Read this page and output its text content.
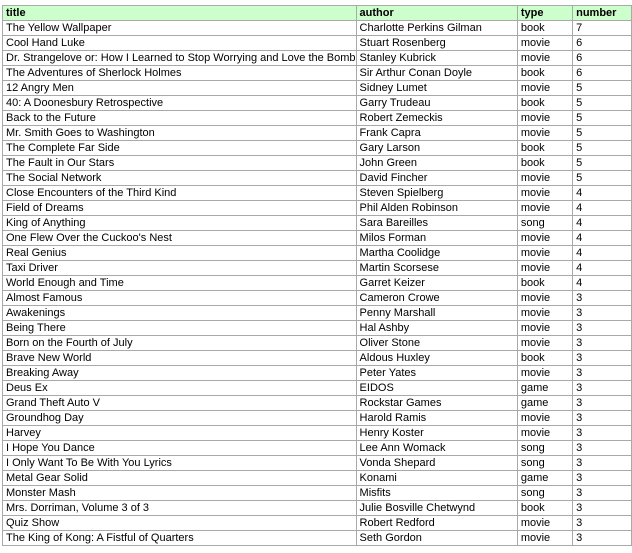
title	author	type	number
The Yellow Wallpaper	Charlotte Perkins Gilman	book	7
Cool Hand Luke	Stuart Rosenberg	movie	6
Dr. Strangelove or: How I Learned to Stop Worrying and Love the Bomb	Stanley Kubrick	movie	6
The Adventures of Sherlock Holmes	Sir Arthur Conan Doyle	book	6
12 Angry Men	Sidney Lumet	movie	5
40: A Doonesbury Retrospective	Garry Trudeau	book	5
Back to the Future	Robert Zemeckis	movie	5
Mr. Smith Goes to Washington	Frank Capra	movie	5
The Complete Far Side	Gary Larson	book	5
The Fault in Our Stars	John Green	book	5
The Social Network	David Fincher	movie	5
Close Encounters of the Third Kind	Steven Spielberg	movie	4
Field of Dreams	Phil Alden Robinson	movie	4
King of Anything	Sara Bareilles	song	4
One Flew Over the Cuckoo's Nest	Milos Forman	movie	4
Real Genius	Martha Coolidge	movie	4
Taxi Driver	Martin Scorsese	movie	4
World Enough and Time	Garret Keizer	book	4
Almost Famous	Cameron Crowe	movie	3
Awakenings	Penny Marshall	movie	3
Being There	Hal Ashby	movie	3
Born on the Fourth of July	Oliver Stone	movie	3
Brave New World	Aldous Huxley	book	3
Breaking Away	Peter Yates	movie	3
Deus Ex	EIDOS	game	3
Grand Theft Auto V	Rockstar Games	game	3
Groundhog Day	Harold Ramis	movie	3
Harvey	Henry Koster	movie	3
I Hope You Dance	Lee Ann Womack	song	3
I Only Want To Be With You Lyrics	Vonda Shepard	song	3
Metal Gear Solid	Konami	game	3
Monster Mash	Misfits	song	3
Mrs. Dorriman, Volume 3 of 3	Julie Bosville Chetwynd	book	3
Quiz Show	Robert Redford	movie	3
The King of Kong: A Fistful of Quarters	Seth Gordon	movie	3
